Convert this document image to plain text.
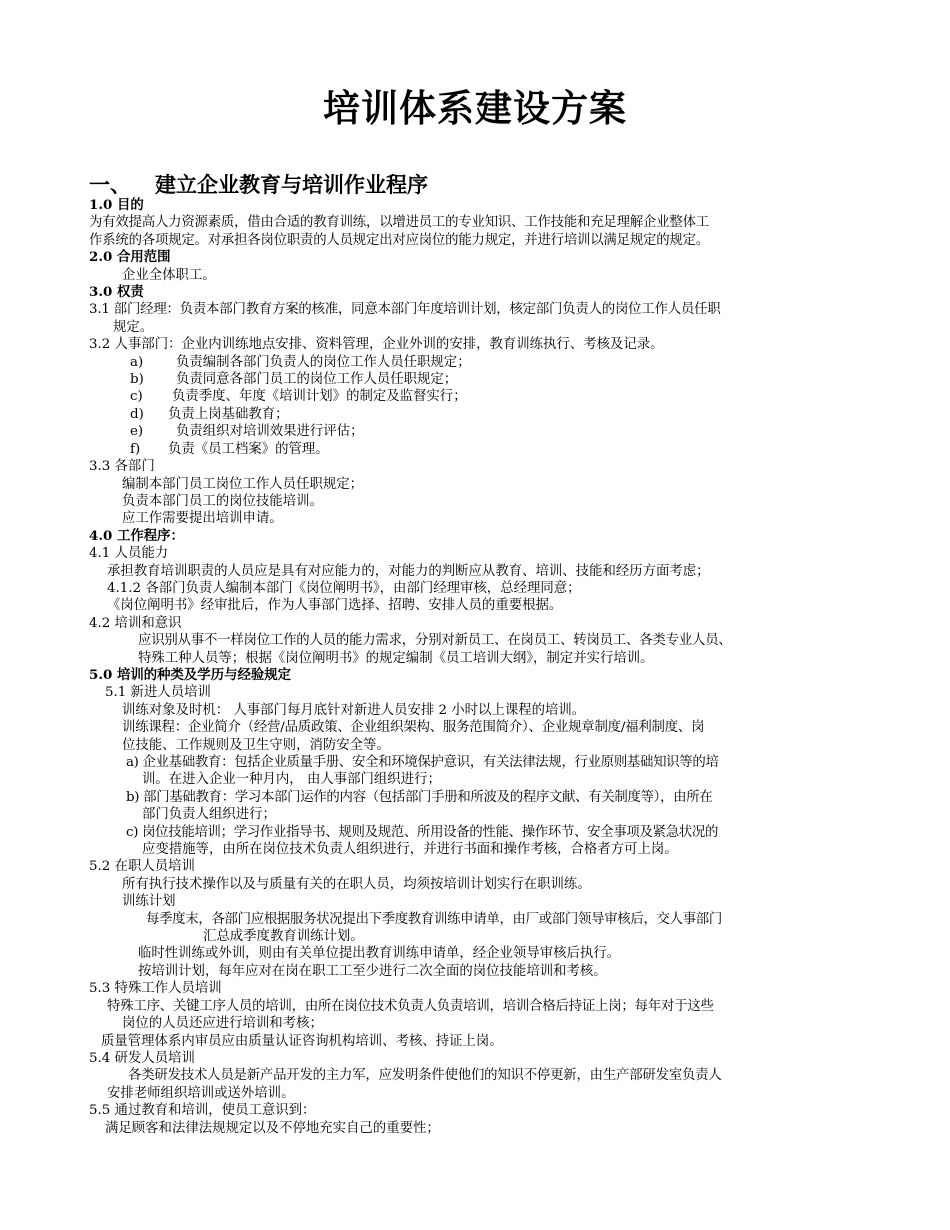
培训体系建设方案
一、 建立企业教育与培训作业程序

1.0 目的

为有效提高人力资源素质，借由合适的教育训练，以增进员工的专业知识、工作技能和充足理解企业整体工

作系统的各项规定。对承担各岗位职责的人员规定出对应岗位的能力规定，并进行培训以满足规定的规定。

2.0 合用范围

企业全体职工。

3.0 权责

3.1 部门经理：负责本部门教育方案的核准，同意本部门年度培训计划，核定部门负责人的岗位工作人员任职

规定。

3.2 人事部门：企业内训练地点安排、资料管理，企业外训的安排，教育训练执行、考核及记录。

a) 负责编制各部门负责人的岗位工作人员任职规定；

b) 负责同意各部门员工的岗位工作人员任职规定；

c) 负责季度、年度《培训计划》的制定及监督实行；

d) 负责上岗基础教育；

e) 负责组织对培训效果进行评估；

f) 负责《员工档案》的管理。

3.3 各部门

编制本部门员工岗位工作人员任职规定；

负责本部门员工的岗位技能培训。

应工作需要提出培训申请。

4.0 工作程序：

4.1 人员能力

承担教育培训职责的人员应是具有对应能力的，对能力的判断应从教育、培训、技能和经历方面考虑；

4.1.2 各部门负责人编制本部门《岗位阐明书》，由部门经理审核，总经理同意；

《岗位阐明书》经审批后，作为人事部门选择、招聘、安排人员的重要根据。

4.2 培训和意识

应识别从事不一样岗位工作的人员的能力需求，分别对新员工、在岗员工、转岗员工、各类专业人员、

特殊工种人员等；根据《岗位阐明书》的规定编制《员工培训大纲》，制定并实行培训。

5.0 培训的种类及学历与经验规定

5.1 新进人员培训

训练对象及时机： 人事部门每月底针对新进人员安排 2 小时以上课程的培训。

训练课程：企业简介（经营/品质政策、企业组织架构、服务范围简介）、企业规章制度/福利制度、岗

位技能、工作规则及卫生守则，消防安全等。

a) 企业基础教育：包括企业质量手册、安全和环境保护意识，有关法律法规，行业原则基础知识等的培

训。在进入企业一种月内， 由人事部门组织进行；

b) 部门基础教育：学习本部门运作的内容（包括部门手册和所波及的程序文献、有关制度等），由所在

部门负责人组织进行；

c) 岗位技能培训；学习作业指导书、规则及规范、所用设备的性能、操作环节、安全事项及紧急状况的

应变措施等，由所在岗位技术负责人组织进行，并进行书面和操作考核，合格者方可上岗。

5.2 在职人员培训

所有执行技术操作以及与质量有关的在职人员，均须按培训计划实行在职训练。

训练计划

每季度末，各部门应根据服务状况提出下季度教育训练申请单，由厂或部门领导审核后，交人事部门

汇总成季度教育训练计划。

临时性训练或外训，则由有关单位提出教育训练申请单，经企业领导审核后执行。

按培训计划，每年应对在岗在职工工至少进行二次全面的岗位技能培训和考核。

5.3 特殊工作人员培训

特殊工序、关键工序人员的培训，由所在岗位技术负责人负责培训，培训合格后持证上岗；每年对于这些

岗位的人员还应进行培训和考核；

质量管理体系内审员应由质量认证咨询机构培训、考核、持证上岗。

5.4 研发人员培训

各类研发技术人员是新产品开发的主力军，应发明条件使他们的知识不停更新，由生产部研发室负责人

安排老师组织培训或送外培训。

5.5 通过教育和培训，使员工意识到：

满足顾客和法律法规规定以及不停地充实自己的重要性；
